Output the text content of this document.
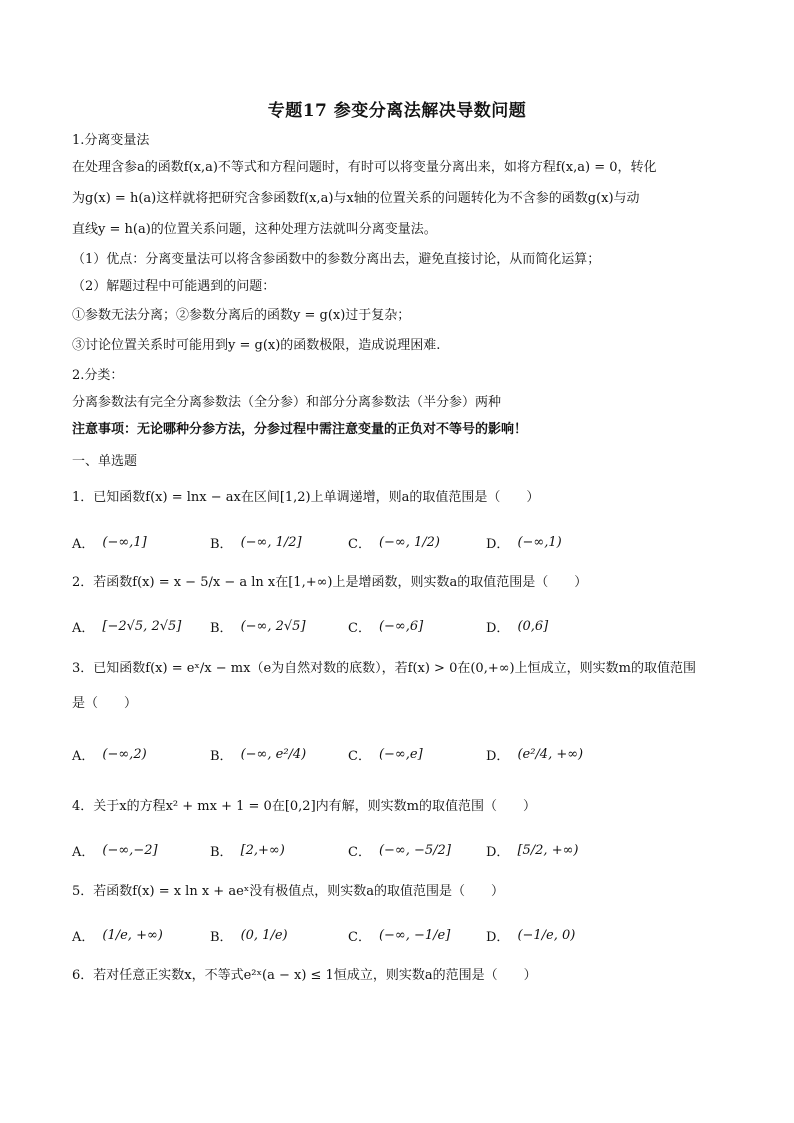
专题17 参变分离法解决导数问题
1.分离变量法
在处理含参a的函数f(x,a)不等式和方程问题时，有时可以将变量分离出来，如将方程f(x,a) = 0，转化
为g(x) = h(a)这样就将把研究含参函数f(x,a)与x轴的位置关系的问题转化为不含参的函数g(x)与动
直线y = h(a)的位置关系问题，这种处理方法就叫分离变量法。
（1）优点：分离变量法可以将含参函数中的参数分离出去，避免直接讨论，从而简化运算；
（2）解题过程中可能遇到的问题：
①参数无法分离；②参数分离后的函数y = g(x)过于复杂；
③讨论位置关系时可能用到y = g(x)的函数极限，造成说理困难.
2.分类：
分离参数法有完全分离参数法（全分参）和部分分离参数法（半分参）两种
注意事项：无论哪种分参方法，分参过程中需注意变量的正负对不等号的影响！
一、单选题
1．已知函数f(x) = lnx − ax在区间[1,2)上单调递增，则a的取值范围是（　　）
A． (−∞,1]	B． (−∞, 1/2]	C． (−∞, 1/2)	D． (−∞,1)
2．若函数f(x) = x − 5/x − a ln x在[1,+∞)上是增函数，则实数a的取值范围是（　　）
A． [−2√5, 2√5] B． (−∞, 2√5]	C． (−∞,6]	D． (0,6]
3．已知函数f(x) = eˣ/x − mx（e为自然对数的底数），若f(x) > 0在(0,+∞)上恒成立，则实数m的取值范围
是（　　）
A． (−∞,2)	B． (−∞, e²/4)	C． (−∞,e]	D． (e²/4, +∞)
4．关于x的方程x² + mx + 1 = 0在[0,2]内有解，则实数m的取值范围（　　）
A． (−∞,−2]	B． [2,+∞)	C． (−∞, −5/2]	D． [5/2, +∞)
5．若函数f(x) = x ln x + aeˣ没有极值点，则实数a的取值范围是（　　）
A． (1/e, +∞)	B． (0, 1/e)	C． (−∞, −1/e]	D． (−1/e, 0)
6．若对任意正实数x，不等式e²ˣ(a − x) ≤ 1恒成立，则实数a的范围是（　　）
